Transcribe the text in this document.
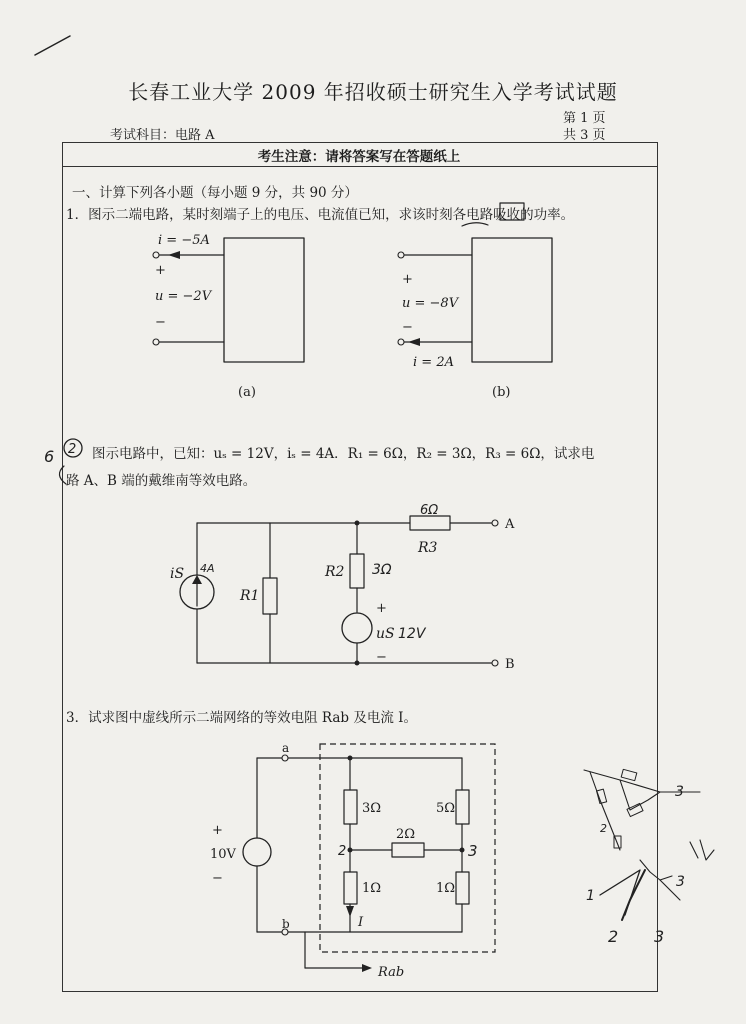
长春工业大学 2009 年招收硕士研究生入学考试试题
第 1 页
共 3 页
考试科目：电路 A
考生注意：请将答案写在答题纸上
一、计算下列各小题（每小题 9 分，共 90 分）
1．图示二端电路，某时刻端子上的电压、电流值已知，求该时刻各电路吸收的功率。
图示电路中，已知：uₛ = 12V，iₛ = 4A．R₁ = 6Ω，R₂ = 3Ω，R₃ = 6Ω，试求电
路 A、B 端的戴维南等效电路。
3．试求图中虚线所示二端网络的等效电阻 Rab 及电流 I。
i = −5A
+
u = −2V
−
(a)
+
u = −8V
−
i = 2A
(b)
iS
R1
R2
R3
+
uS
−
A
B
+
10V
−
3Ω	5Ω
2Ω
1Ω	1Ω
a
b	I
Rab
2
6
6Ω
3Ω
12V
4A
2	3
2
3
1
3
2 3
